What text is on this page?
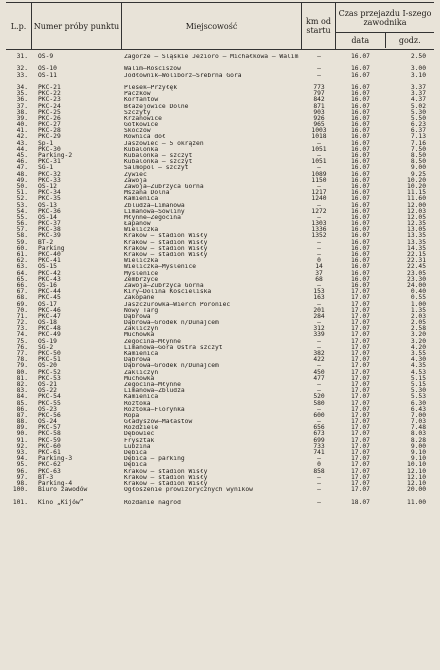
L.p. Numer próby punktu	Miejscowość	km od startu
Czas przejazdu I-szego zawodnika
data	godz.
31.	OS-9	Zagórze — Śląskie Jezioro — Michałkowa — Walim	—	16.07	2.50
32.	OS-10	Walim—Rościszów	—	16.07	3.00
33.	OS-11	Jodłownik—Wolibórz—Srebrna Góra	—	16.07	3.10
34.	PKC-21	Plesek—Przyłęk	773	16.07	3.37
35.	PKC-22	Paczków	797	16.07	3.37
36.	PKC-23	Korfantów	842	16.07	4.37
37.	PKC-24	Błażejowice Dolne	871	16.07	5.02
38.	PKC-25	Szczyty	903	16.07	5.30
39.	PKC-26	Krzanowice	926	16.07	5.50
40.	PKC-27	Gotkowice	965	16.07	6.23
41.	PKC-28	Skoczów	1003	16.07	6.37
42.	PKC-29	Równica dół	1018	16.07	7.13
43.	Sp-1	Jaszowiec — 5 okrążeń	—	16.07	7.16
44.	PKC-30	Kubalonka	1051	16.07	7.50
45.	Parking-2	Kubalonka — szczyt	—	16.07	8.50
46.	PKC-31	Kubalonka — szczyt	1051	16.07	8.50
47.	SG-1	Salmopol — szczyt	—	16.07	9.00
48.	PKC-32	Żywiec	1089	16.07	9.25
49.	PKC-33	Zawoja	1150	16.07	10.20
50.	OS-12	Zawoja—Zubrzyca Górna	—	16.07	10.20
51.	PKC-34	Mszana Dolna	1217	16.07	11.15
52.	PKC-35	Kamienica	1240	16.07	11.60
53.	OS-13	Zbludza—Limanowa	—	16.07	12.00
54.	PKC-36	Limanowa—Sowliny	1272	16.07	12.03
55.	OS-14	Młynne—Zegocina	—	16.07	12.05
56.	PKC-37	Łapanów	1303	16.07	12.35
57.	PKC-38	Wieliczka	1336	16.07	13.05
58.	PKC-39	Kraków — stadion Wisły	1352	16.07	13.35
59.	BT-2	Kraków — stadion Wisły	—	16.07	13.35
60.	Parking	Kraków — stadion Wisły	—	16.07	14.35
61.	PKC-40	Kraków — stadion Wisły	—	16.07	22.15
62.	PKC-41	Wieliczka	0	16.07	22.31
63.	OS-15	Wieliczka—Myślenice	14	16.07	22.45
64.	PKC-42	Myślenice	37	16.07	23.05
65.	PKC-43	Zembrzyce	68	16.07	23.30
66.	OS-16	Zawoja—Zubrzyca Górna	—	16.07	24.00
67.	PKC-44	Kiry—Dolina Kościeliska	153	17.07	0.40
68.	PKC-45	Zakopane	163	17.07	0.55
69.	OS-17	Jaszczurówka—Wierch Poroniec	—	17.07	1.00
70.	PKC-46	Nowy Targ	201	17.07	1.35
71.	PKC-47	Dąbrowa	284	17.07	2.03
72.	OS-18	Dąbrowa—Gródek n/Dunajcem	—	17.07	2.05
73.	PKC-48	Zakliczyn	312	17.07	2.58
74.	PKC-49	Muchówka	339	17.07	3.20
75.	OS-19	Żegocina—Młynne	—	17.07	3.20
76.	SG-2	Limanowa—Góra Ostra szczyt	—	17.07	4.20
77.	PKC-50	Kamienica	382	17.07	3.55
78.	PKC-51	Dąbrowa	422	17.07	4.30
79.	OS-20	Dąbrowa—Gródek n/Dunajcem	—	17.07	4.35
80.	PKC-52	Zakliczyn	450	17.07	4.53
81.	PKC-53	Muchówka	477	17.07	5.15
82.	OS-21	Żegocina—Młynne	—	17.07	5.15
83.	OS-22	Limanowa—Zbludza	—	17.07	5.30
84.	PKC-54	Kamienica	520	17.07	5.53
85.	PKC-55	Roztoka	580	17.07	6.30
86.	OS-23	Roztoka—Florynka	—	17.07	6.43
87.	PKC-56	Ropa	600	17.07	7.00
88.	OS-24	Gładyszów—Małastów	—	17.07	7.03
89.	PKC-57	Rozdziele	656	17.07	7.48
90.	PKC-58	Dębowiec	673	17.07	8.03
91.	PKC-59	Frysztak	699	17.07	8.28
92.	PKC-60	Lubzina	733	17.07	9.00
93.	PKC-61	Dębica	741	17.07	9.10
94.	Parking-3	Dębica — parking	—	17.07	9.10
95.	PKC-62	Dębica	0	17.07	10.10
96.	PKC-63	Kraków — stadion Wisły	858	17.07	12.10
97.	BT-3	Kraków — stadion Wisły	—	17.07	12.10
98.	Parking-4	Kraków — stadion Wisły	—	17.07	12.10
100.	Biuro zawodów	Ogłoszenie prowizorycznych wyników	—	17.07	20.00
101.	Kino „Kijów”	Rozdanie nagród	—	18.07	11.00
